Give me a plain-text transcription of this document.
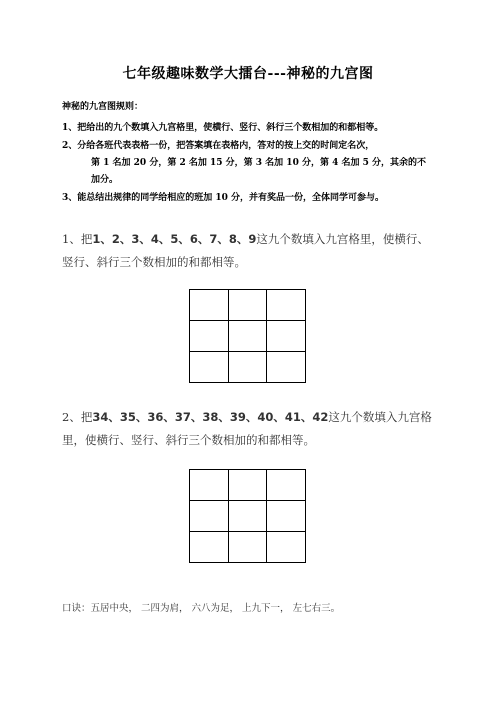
七年级趣味数学大擂台---神秘的九宫图
神秘的九宫图规则：
1、把给出的九个数填入九宫格里，使横行、竖行、斜行三个数相加的和都相等。
2、分给各班代表表格一份，把答案填在表格内，答对的按上交的时间定名次，
第 1 名加 20 分，第 2 名加 15 分，第 3 名加 10 分，第 4 名加 5 分，其余的不
加分。
3、能总结出规律的同学给相应的班加 10 分，并有奖品一份，全体同学可参与。
1、把1、2、3、4、5、6、7、8、9这九个数填入九宫格里，使横行、竖行、斜行三个数相加的和都相等。

2、把34、35、36、37、38、39、40、41、42这九个数填入九宫格里，使横行、竖行、斜行三个数相加的和都相等。

口诀：五居中央， 二四为肩， 六八为足， 上九下一， 左七右三。
